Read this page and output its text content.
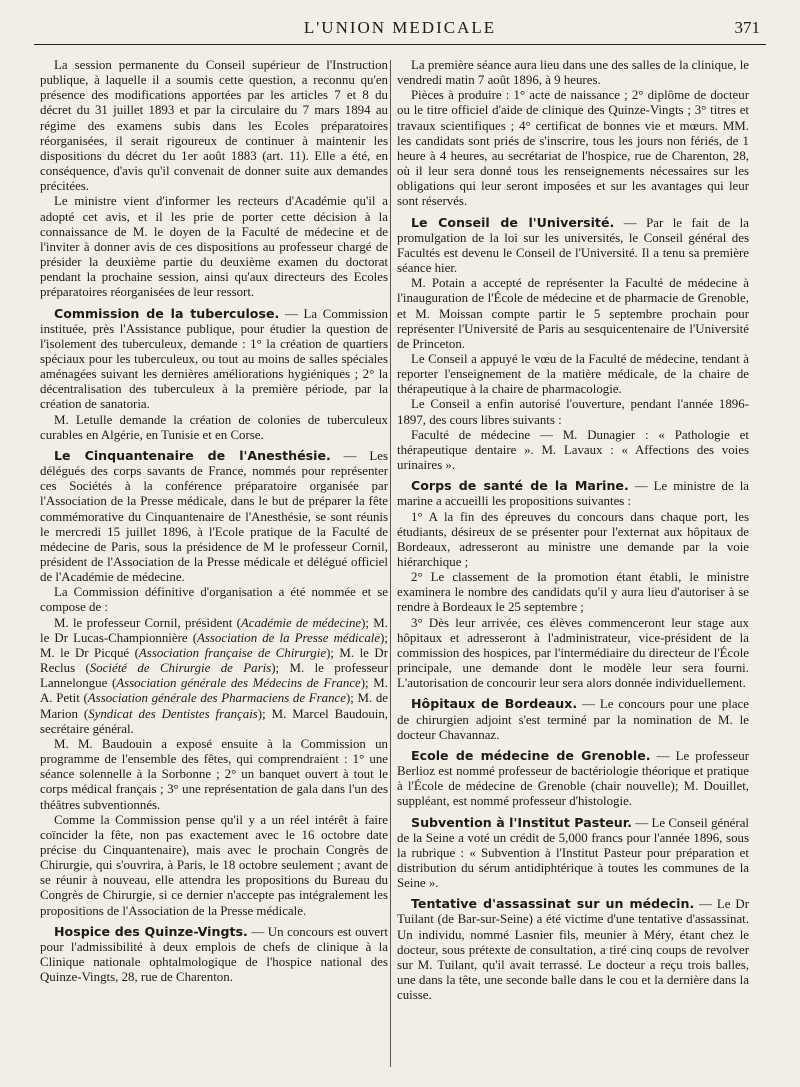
L'UNION MEDICALE	371

La session permanente du Conseil supérieur de l'Instruction publique, à laquelle il a soumis cette question, a reconnu qu'en présence des modifications apportées par les articles 7 et 8 du décret du 31 juillet 1893 et par la circulaire du 7 mars 1894 au régime des examens subis dans les Ecoles préparatoires réorganisées, il serait rigoureux de continuer à maintenir les dispositions du décret du 1er août 1883 (art. 11). Elle a été, en conséquence, d'avis qu'il convenait de donner suite aux demandes précitées.

Le ministre vient d'informer les recteurs d'Académie qu'il a adopté cet avis, et il les prie de porter cette décision à la connaissance de M. le doyen de la Faculté de médecine et de l'inviter à donner avis de ces dispositions au professeur chargé de présider la deuxième partie du deuxième examen du doctorat pendant la prochaine session, ainsi qu'aux directeurs des Ecoles préparatoires réorganisées de leur ressort.

Commission de la tuberculose. — La Commission instituée, près l'Assistance publique, pour étudier la question de l'isolement des tuberculeux, demande : 1° la création de quartiers spéciaux pour les tuberculeux, ou tout au moins de salles spéciales aménagées suivant les dernières améliorations hygiéniques ; 2° la décentralisation des tuberculeux à la première période, par la création de sanatoria.

M. Letulle demande la création de colonies de tuberculeux curables en Algérie, en Tunisie et en Corse.

Le Cinquantenaire de l'Anesthésie. — Les délégués des corps savants de France, nommés pour représenter ces Sociétés à la conférence préparatoire organisée par l'Association de la Presse médicale, dans le but de préparer la fête commémorative du Cinquantenaire de l'Anesthésie, se sont réunis le mercredi 15 juillet 1896, à l'Ecole pratique de la Faculté de médecine de Paris, sous la présidence de M le professeur Cornil, président de l'Association de la Presse médicale et délégué officiel de l'Académie de médecine.

La Commission définitive d'organisation a été nommée et se compose de :

M. le professeur Cornil, président (Académie de médecine); M. le Dr Lucas-Championnière (Association de la Presse médicale); M. le Dr Picqué (Association française de Chirurgie); M. le Dr Reclus (Société de Chirurgie de Paris); M. le professeur Lannelongue (Association générale des Médecins de France); M. A. Petit (Association générale des Pharmaciens de France); M. de Marion (Syndicat des Dentistes français); M. Marcel Baudouin, secrétaire général.

M. M. Baudouin a exposé ensuite à la Commission un programme de l'ensemble des fêtes, qui comprendraient : 1° une séance solennelle à la Sorbonne ; 2° un banquet ouvert à tout le corps médical français ; 3° une représentation de gala dans l'un des théâtres subventionnés.

Comme la Commission pense qu'il y a un réel intérêt à faire coïncider la fête, non pas exactement avec le 16 octobre date précise du Cinquantenaire), mais avec le prochain Congrès de Chirurgie, qui s'ouvrira, à Paris, le 18 octobre seulement ; avant de se réunir à nouveau, elle attendra les propositions du Bureau du Congrès de Chirurgie, si ce dernier n'accepte pas intégralement les propositions de l'Association de la Presse médicale.

Hospice des Quinze-Vingts. — Un concours est ouvert pour l'admissibilité à deux emplois de chefs de clinique à la Clinique nationale ophtalmologique de l'hospice national des Quinze-Vingts, 28, rue de Charenton.

La première séance aura lieu dans une des salles de la clinique, le vendredi matin 7 août 1896, à 9 heures.

Pièces à produire : 1° acte de naissance ; 2° diplôme de docteur ou le titre officiel d'aide de clinique des Quinze-Vingts ; 3° titres et travaux scientifiques ; 4° certificat de bonnes vie et mœurs. MM. les candidats sont priés de s'inscrire, tous les jours non fériés, de 1 heure à 4 heures, au secrétariat de l'hospice, rue de Charenton, 28, où il leur sera donné tous les renseignements nécessaires sur les obligations qui leur seront imposées et sur les avantages qui leur sont réservés.

Le Conseil de l'Université. — Par le fait de la promulgation de la loi sur les universités, le Conseil général des Facultés est devenu le Conseil de l'Université. Il a tenu sa première séance hier.

M. Potain a accepté de représenter la Faculté de médecine à l'inauguration de l'École de médecine et de pharmacie de Grenoble, et M. Moissan compte partir le 5 septembre prochain pour représenter l'Université de Paris au sesquicentenaire de l'Université de Princeton.

Le Conseil a appuyé le vœu de la Faculté de médecine, tendant à reporter l'enseignement de la matière médicale, de la chaire de thérapeutique à la chaire de pharmacologie.

Le Conseil a enfin autorisé l'ouverture, pendant l'année 1896-1897, des cours libres suivants :

Faculté de médecine — M. Dunagier : « Pathologie et thérapeutique dentaire ». M. Lavaux : « Affections des voies urinaires ».

Corps de santé de la Marine. — Le ministre de la marine a accueilli les propositions suivantes :

1° A la fin des épreuves du concours dans chaque port, les étudiants, désireux de se présenter pour l'externat aux hôpitaux de Bordeaux, adresseront au ministre une demande par la voie hiérarchique ;

2° Le classement de la promotion étant établi, le ministre examinera le nombre des candidats qu'il y aura lieu d'autoriser à se rendre à Bordeaux le 25 septembre ;

3° Dès leur arrivée, ces élèves commenceront leur stage aux hôpitaux et adresseront à l'administrateur, vice-président de la commission des hospices, par l'intermédiaire du directeur de l'École principale, une demande dont le modèle leur sera fourni. L'autorisation de concourir leur sera alors donnée individuellement.

Hôpitaux de Bordeaux. — Le concours pour une place de chirurgien adjoint s'est terminé par la nomination de M. le docteur Chavannaz.

Ecole de médecine de Grenoble. — Le professeur Berlioz est nommé professeur de bactériologie théorique et pratique à l'École de médecine de Grenoble (chair nouvelle); M. Douillet, suppléant, est nommé professeur d'histologie.

Subvention à l'Institut Pasteur. — Le Conseil général de la Seine a voté un crédit de 5,000 francs pour l'année 1896, sous la rubrique : « Subvention à l'Institut Pasteur pour préparation et distribution du sérum antidiphtérique à toutes les communes de la Seine ».

Tentative d'assassinat sur un médecin. — Le Dr Tuilant (de Bar-sur-Seine) a été victime d'une tentative d'assassinat. Un individu, nommé Lasnier fils, meunier à Méry, étant chez le docteur, sous prétexte de consultation, a tiré cinq coups de revolver sur M. Tuilant, qu'il avait terrassé. Le docteur a reçu trois balles, une dans la tête, une seconde balle dans le cou et la dernière dans la cuisse.
